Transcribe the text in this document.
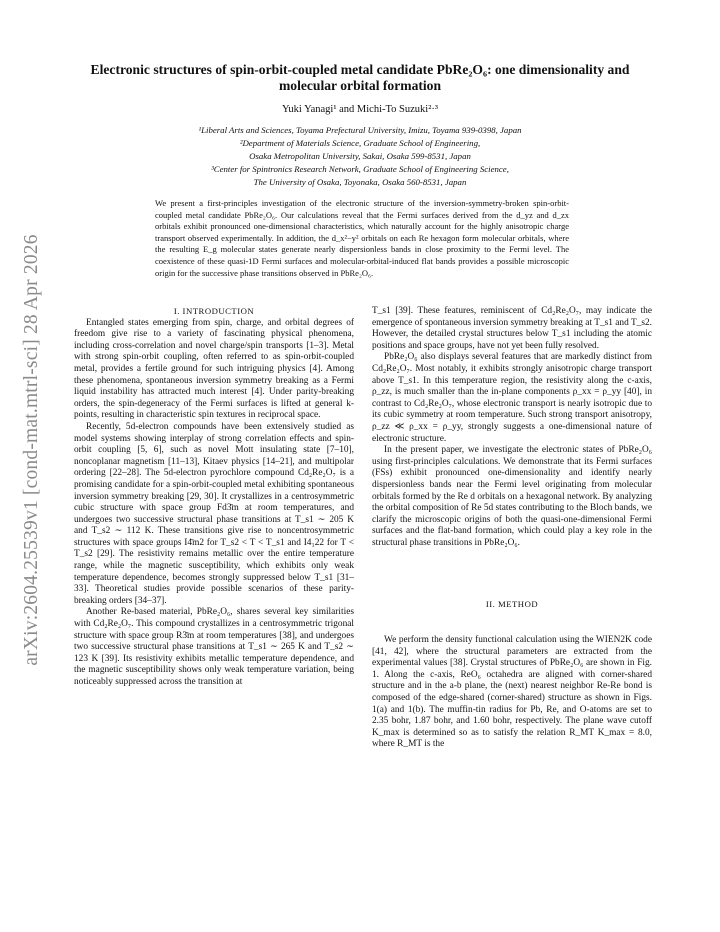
arXiv:2604.25539v1 [cond-mat.mtrl-sci] 28 Apr 2026
Electronic structures of spin-orbit-coupled metal candidate PbRe₂O₆: one dimensionality and molecular orbital formation
Yuki Yanagi¹ and Michi-To Suzuki²·³
¹Liberal Arts and Sciences, Toyama Prefectural University, Imizu, Toyama 939-0398, Japan
²Department of Materials Science, Graduate School of Engineering,
Osaka Metropolitan University, Sakai, Osaka 599-8531, Japan
³Center for Spintronics Research Network, Graduate School of Engineering Science,
The University of Osaka, Toyonaka, Osaka 560-8531, Japan
We present a first-principles investigation of the electronic structure of the inversion-symmetry-broken spin-orbit-coupled metal candidate PbRe₂O₆. Our calculations reveal that the Fermi surfaces derived from the d_yz and d_zx orbitals exhibit pronounced one-dimensional characteristics, which naturally account for the highly anisotropic charge transport observed experimentally. In addition, the d_x²−y² orbitals on each Re hexagon form molecular orbitals, where the resulting E_g molecular states generate nearly dispersionless bands in close proximity to the Fermi level. The coexistence of these quasi-1D Fermi surfaces and molecular-orbital-induced flat bands provides a possible microscopic origin for the successive phase transitions observed in PbRe₂O₆.

I. INTRODUCTION

Entangled states emerging from spin, charge, and orbital degrees of freedom give rise to a variety of fascinating physical phenomena, including cross-correlation and novel charge/spin transports [1–3]. Metal with strong spin-orbit coupling, often referred to as spin-orbit-coupled metal, provides a fertile ground for such intriguing physics [4]. Among these phenomena, spontaneous inversion symmetry breaking as a Fermi liquid instability has attracted much interest [4]. Under parity-breaking orders, the spin-degeneracy of the Fermi surfaces is lifted at general k-points, resulting in characteristic spin textures in reciprocal space.

Recently, 5d-electron compounds have been extensively studied as model systems showing interplay of strong correlation effects and spin-orbit coupling [5, 6], such as novel Mott insulating state [7–10], noncoplanar magnetism [11–13], Kitaev physics [14–21], and multipolar ordering [22–28]. The 5d-electron pyrochlore compound Cd₂Re₂O₇ is a promising candidate for a spin-orbit-coupled metal exhibiting spontaneous inversion symmetry breaking [29, 30]. It crystallizes in a centrosymmetric cubic structure with space group Fd3̄m at room temperatures, and undergoes two successive structural phase transitions at T_s1 ∼ 205 K and T_s2 ∼ 112 K. These transitions give rise to noncentrosymmetric structures with space groups I4̄m2 for T_s2 < T < T_s1 and I4₁22 for T < T_s2 [29]. The resistivity remains metallic over the entire temperature range, while the magnetic susceptibility, which exhibits only weak temperature dependence, becomes strongly suppressed below T_s1 [31–33]. Theoretical studies provide possible scenarios of these parity-breaking orders [34–37].

Another Re-based material, PbRe₂O₆, shares several key similarities with Cd₂Re₂O₇. This compound crystallizes in a centrosymmetric trigonal structure with space group R3̄m at room temperatures [38], and undergoes two successive structural phase transitions at T_s1 ∼ 265 K and T_s2 ∼ 123 K [39]. Its resistivity exhibits metallic temperature dependence, and the magnetic susceptibility shows only weak temperature variation, being noticeably suppressed across the transition at

T_s1 [39]. These features, reminiscent of Cd₂Re₂O₇, may indicate the emergence of spontaneous inversion symmetry breaking at T_s1 and T_s2. However, the detailed crystal structures below T_s1 including the atomic positions and space groups, have not yet been fully resolved.

PbRe₂O₆ also displays several features that are markedly distinct from Cd₂Re₂O₇. Most notably, it exhibits strongly anisotropic charge transport above T_s1. In this temperature region, the resistivity along the c-axis, ρ_zz, is much smaller than the in-plane components ρ_xx = ρ_yy [40], in contrast to Cd₂Re₂O₇, whose electronic transport is nearly isotropic due to its cubic symmetry at room temperature. Such strong transport anisotropy, ρ_zz ≪ ρ_xx = ρ_yy, strongly suggests a one-dimensional nature of electronic structure.

In the present paper, we investigate the electronic states of PbRe₂O₆ using first-principles calculations. We demonstrate that its Fermi surfaces (FSs) exhibit pronounced one-dimensionality and identify nearly dispersionless bands near the Fermi level originating from molecular orbitals formed by the Re d orbitals on a hexagonal network. By analyzing the orbital composition of Re 5d states contributing to the Bloch bands, we clarify the microscopic origins of both the quasi-one-dimensional Fermi surfaces and the flat-band formation, which could play a key role in the structural phase transitions in PbRe₂O₆.

II. METHOD

We perform the density functional calculation using the WIEN2K code [41, 42], where the structural parameters are extracted from the experimental values [38]. Crystal structures of PbRe₂O₆ are shown in Fig. 1. Along the c-axis, ReO₆ octahedra are aligned with corner-shared structure and in the a-b plane, the (next) nearest neighbor Re-Re bond is composed of the edge-shared (corner-shared) structure as shown in Figs. 1(a) and 1(b). The muffin-tin radius for Pb, Re, and O-atoms are set to 2.35 bohr, 1.87 bohr, and 1.60 bohr, respectively. The plane wave cutoff K_max is determined so as to satisfy the relation R_MT K_max = 8.0, where R_MT is the
